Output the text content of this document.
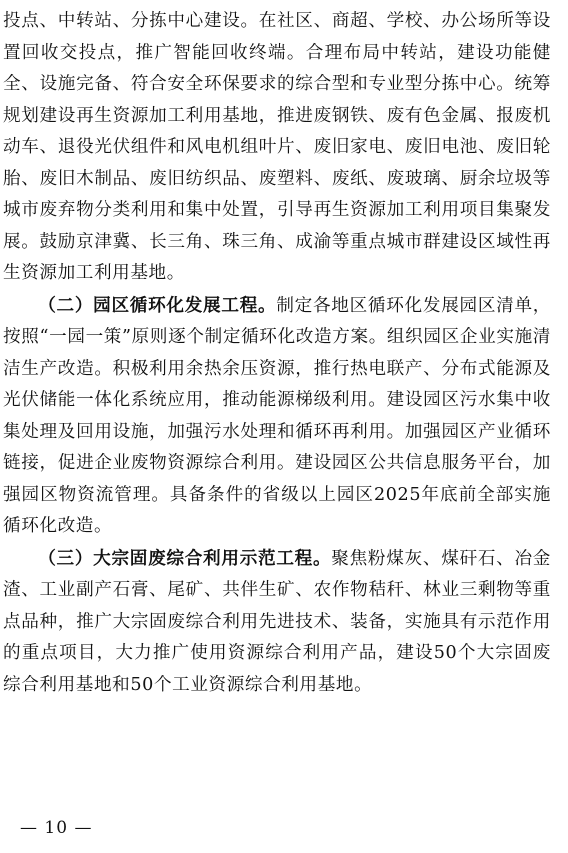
投点、中转站、分拣中心建设。在社区、商超、学校、办公场所等设置回收交投点，推广智能回收终端。合理布局中转站，建设功能健全、设施完备、符合安全环保要求的综合型和专业型分拣中心。统筹规划建设再生资源加工利用基地，推进废钢铁、废有色金属、报废机动车、退役光伏组件和风电机组叶片、废旧家电、废旧电池、废旧轮胎、废旧木制品、废旧纺织品、废塑料、废纸、废玻璃、厨余垃圾等城市废弃物分类利用和集中处置，引导再生资源加工利用项目集聚发展。鼓励京津冀、长三角、珠三角、成渝等重点城市群建设区域性再生资源加工利用基地。

（二）园区循环化发展工程。制定各地区循环化发展园区清单，按照“一园一策”原则逐个制定循环化改造方案。组织园区企业实施清洁生产改造。积极利用余热余压资源，推行热电联产、分布式能源及光伏储能一体化系统应用，推动能源梯级利用。建设园区污水集中收集处理及回用设施，加强污水处理和循环再利用。加强园区产业循环链接，促进企业废物资源综合利用。建设园区公共信息服务平台，加强园区物资流管理。具备条件的省级以上园区2025年底前全部实施循环化改造。

（三）大宗固废综合利用示范工程。聚焦粉煤灰、煤矸石、冶金渣、工业副产石膏、尾矿、共伴生矿、农作物秸秆、林业三剩物等重点品种，推广大宗固废综合利用先进技术、装备，实施具有示范作用的重点项目，大力推广使用资源综合利用产品，建设50个大宗固废综合利用基地和50个工业资源综合利用基地。

— 10 —
